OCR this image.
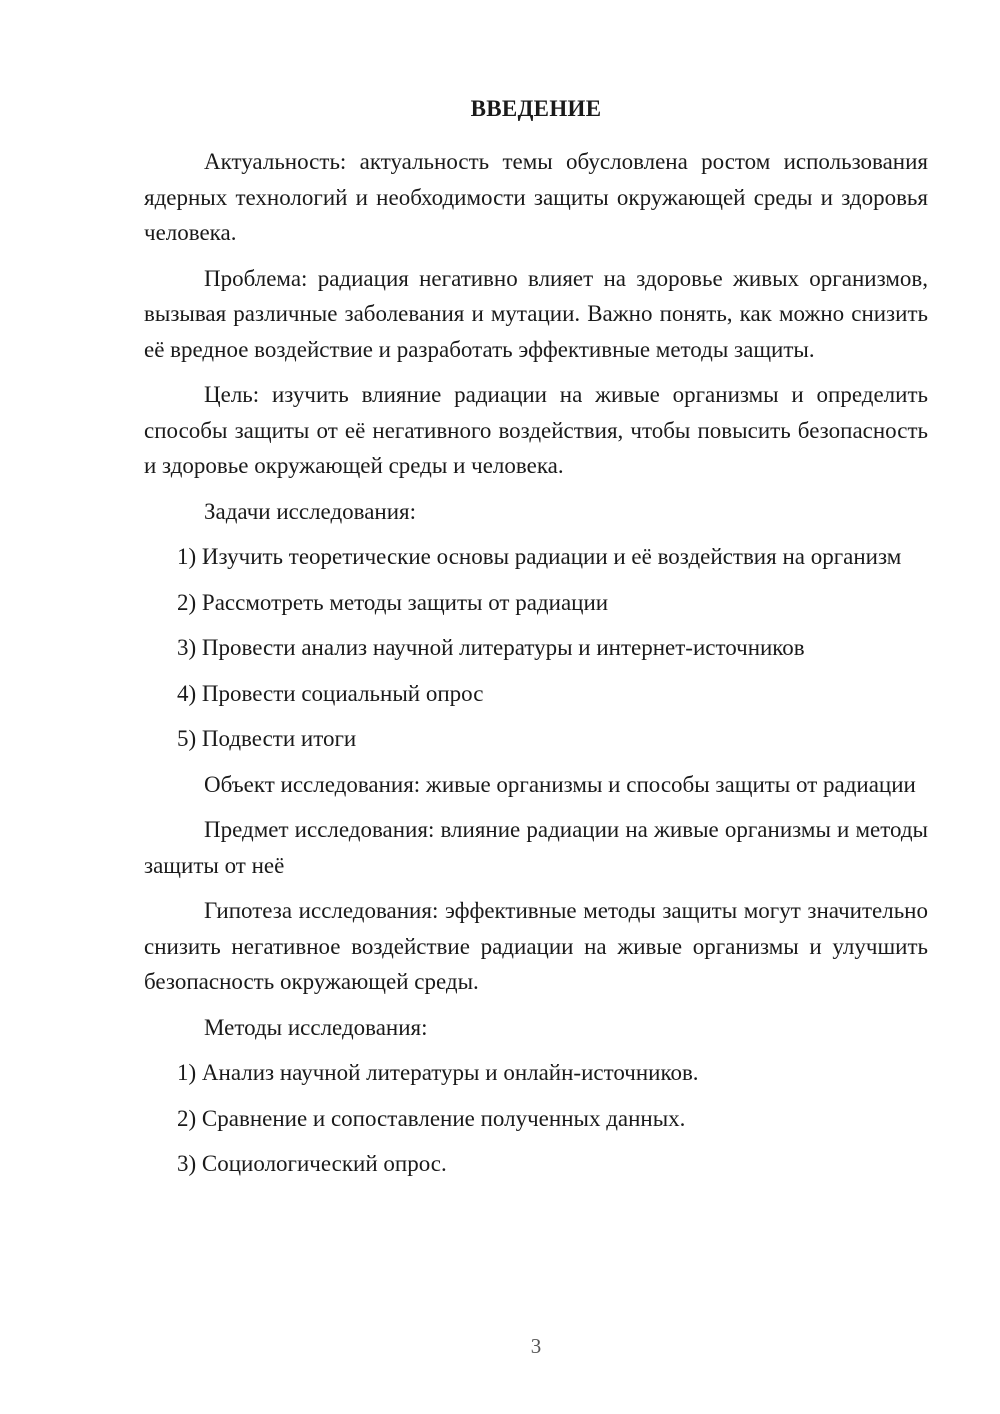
ВВЕДЕНИЕ

Актуальность: актуальность темы обусловлена ростом использования ядерных технологий и необходимости защиты окружающей среды и здоровья человека.

Проблема: радиация негативно влияет на здоровье живых организмов, вызывая различные заболевания и мутации. Важно понять, как можно снизить её вредное воздействие и разработать эффективные методы защиты.

Цель: изучить влияние радиации на живые организмы и определить способы защиты от её негативного воздействия, чтобы повысить безопасность и здоровье окружающей среды и человека.

Задачи исследования:

1) Изучить теоретические основы радиации и её воздействия на организм

2) Рассмотреть методы защиты от радиации

3) Провести анализ научной литературы и интернет-источников

4) Провести социальный опрос

5) Подвести итоги

Объект исследования: живые организмы и способы защиты от радиации

Предмет исследования: влияние радиации на живые организмы и методы защиты от неё

Гипотеза исследования: эффективные методы защиты могут значительно снизить негативное воздействие радиации на живые организмы и улучшить безопасность окружающей среды.

Методы исследования:

1) Анализ научной литературы и онлайн-источников.

2) Сравнение и сопоставление полученных данных.

3) Социологический опрос.

3
